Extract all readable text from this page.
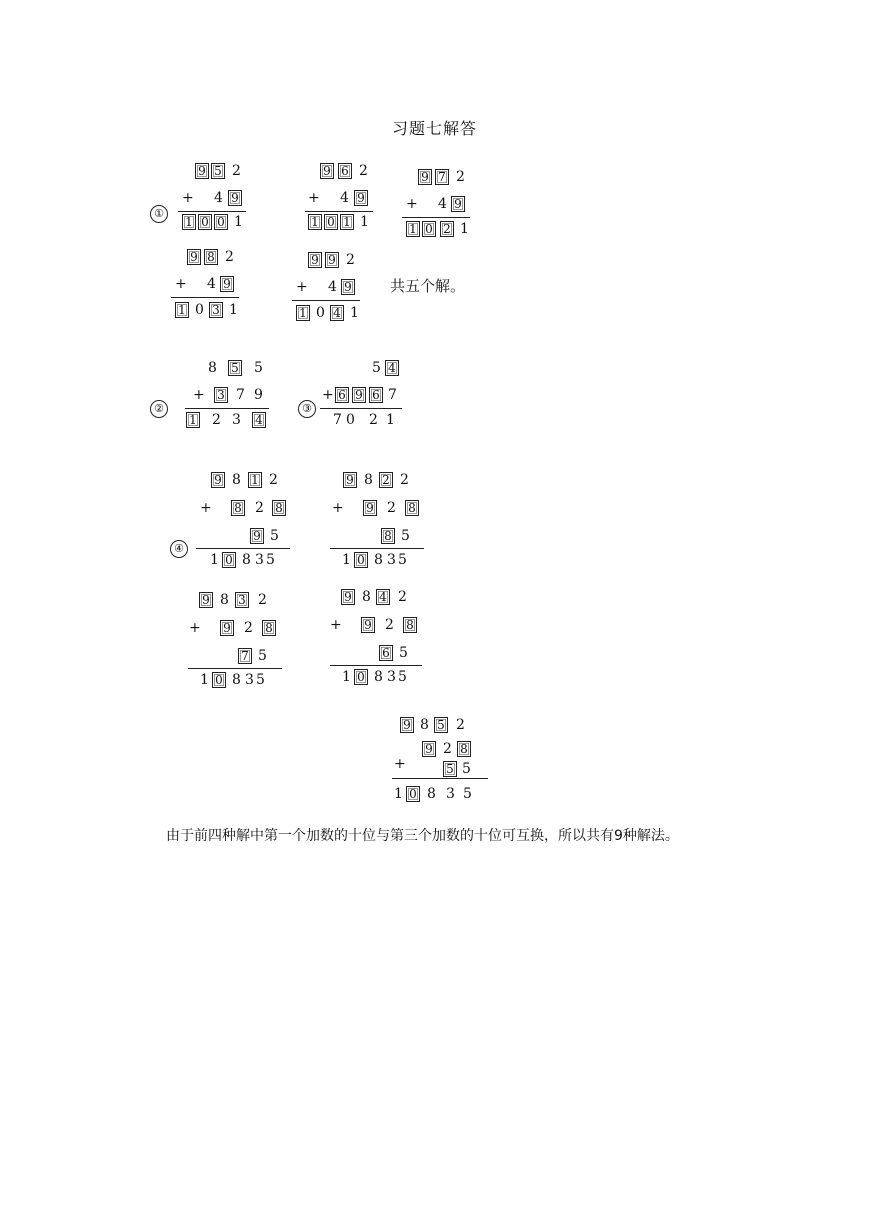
习题七解答
①
9 5 2
+ 4 9
1 0 0 1
9 6 2
+ 4 9
1 0 1 1
9 7 2
+ 4 9
1 0 2 1
9 8 2
+ 4 9
1 0 3 1
9 9 2
+ 4 9
1 0 4 1
共五个解。
②
8 5 5
+ 3 7 9
1 2 3 4
③
5 4
+ 6 9 6 7
7 0 2 1
④
9 8 1 2
+ 8 2 8
9 5
1 0 8 3 5
9 8 2 2
+ 9 2 8
8 5
1 0 8 3 5
9 8 3 2
+ 9 2 8
7 5
1 0 8 3 5
9 8 4 2
+ 9 2 8
6 5
1 0 8 3 5
9 8 5 2
+
9 2 8
5 5
1 0 8 3 5
由于前四种解中第一个加数的十位与第三个加数的十位可互换，所以共有9种解法。
